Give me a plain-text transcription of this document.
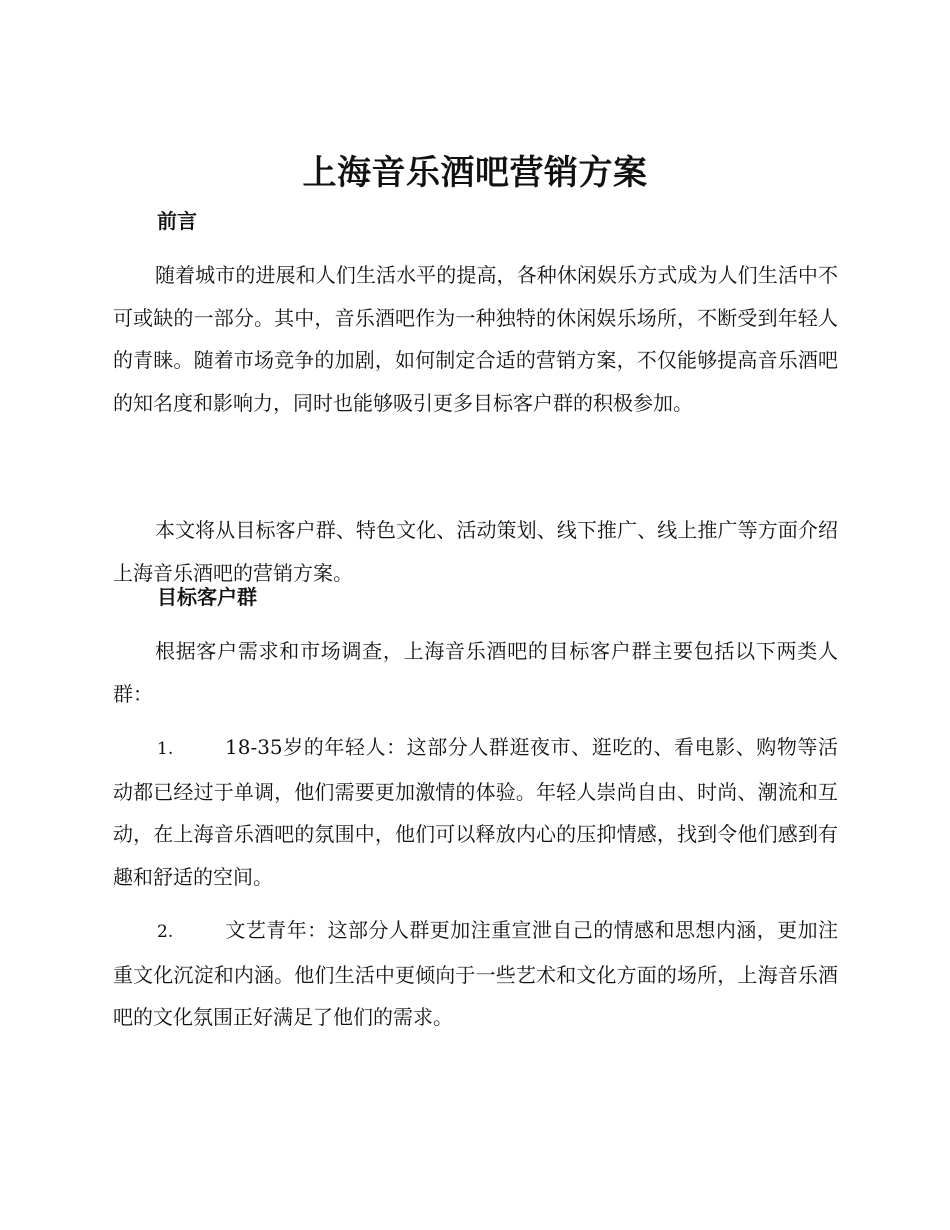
上海音乐酒吧营销方案
前言

随着城市的进展和人们生活水平的提高，各种休闲娱乐方式成为人们生活中不可或缺的一部分。其中，音乐酒吧作为一种独特的休闲娱乐场所，不断受到年轻人的青睐。随着市场竞争的加剧，如何制定合适的营销方案，不仅能够提高音乐酒吧的知名度和影响力，同时也能够吸引更多目标客户群的积极参加。

本文将从目标客户群、特色文化、活动策划、线下推广、线上推广等方面介绍上海音乐酒吧的营销方案。

目标客户群

根据客户需求和市场调查，上海音乐酒吧的目标客户群主要包括以下两类人群：

1.	18-35岁的年轻人：这部分人群逛夜市、逛吃的、看电影、购物等活动都已经过于单调，他们需要更加激情的体验。年轻人崇尚自由、时尚、潮流和互动，在上海音乐酒吧的氛围中，他们可以释放内心的压抑情感，找到令他们感到有趣和舒适的空间。

2.	文艺青年：这部分人群更加注重宣泄自己的情感和思想内涵，更加注重文化沉淀和内涵。他们生活中更倾向于一些艺术和文化方面的场所，上海音乐酒吧的文化氛围正好满足了他们的需求。
